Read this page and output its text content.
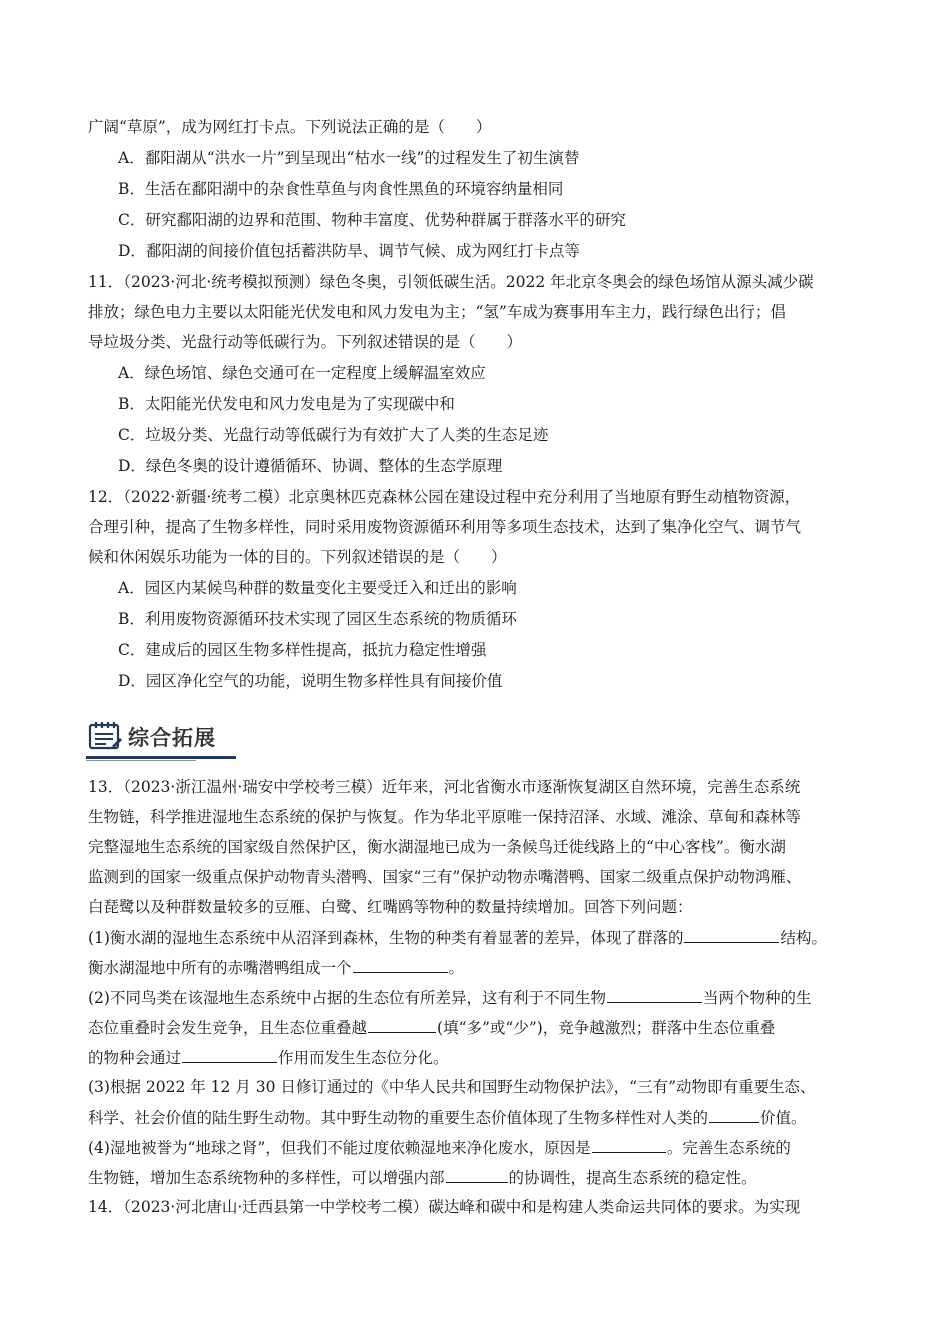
广阔“草原”，成为网红打卡点。下列说法正确的是（　　）
A．鄱阳湖从“洪水一片”到呈现出“枯水一线”的过程发生了初生演替
B．生活在鄱阳湖中的杂食性草鱼与肉食性黑鱼的环境容纳量相同
C．研究鄱阳湖的边界和范围、物种丰富度、优势种群属于群落水平的研究
D．鄱阳湖的间接价值包括蓄洪防旱、调节气候、成为网红打卡点等
11．（2023·河北·统考模拟预测）绿色冬奥，引领低碳生活。2022 年北京冬奥会的绿色场馆从源头减少碳
排放；绿色电力主要以太阳能光伏发电和风力发电为主；“氢”车成为赛事用车主力，践行绿色出行；倡
导垃圾分类、光盘行动等低碳行为。下列叙述错误的是（　　）
A．绿色场馆、绿色交通可在一定程度上缓解温室效应
B．太阳能光伏发电和风力发电是为了实现碳中和
C．垃圾分类、光盘行动等低碳行为有效扩大了人类的生态足迹
D．绿色冬奥的设计遵循循环、协调、整体的生态学原理
12．（2022·新疆·统考二模）北京奥林匹克森林公园在建设过程中充分利用了当地原有野生动植物资源，
合理引种，提高了生物多样性，同时采用废物资源循环利用等多项生态技术，达到了集净化空气、调节气
候和休闲娱乐功能为一体的目的。下列叙述错误的是（　　）
A．园区内某候鸟种群的数量变化主要受迁入和迁出的影响
B．利用废物资源循环技术实现了园区生态系统的物质循环
C．建成后的园区生物多样性提高，抵抗力稳定性增强
D．园区净化空气的功能，说明生物多样性具有间接价值
综合拓展
13．（2023·浙江温州·瑞安中学校考三模）近年来，河北省衡水市逐渐恢复湖区自然环境，完善生态系统
生物链，科学推进湿地生态系统的保护与恢复。作为华北平原唯一保持沼泽、水域、滩涂、草甸和森林等
完整湿地生态系统的国家级自然保护区，衡水湖湿地已成为一条候鸟迁徙线路上的“中心客栈”。衡水湖
监测到的国家一级重点保护动物青头潜鸭、国家“三有”保护动物赤嘴潜鸭、国家二级重点保护动物鸿雁、
白琵鹭以及种群数量较多的豆雁、白鹭、红嘴鸥等物种的数量持续增加。回答下列问题：
(1)衡水湖的湿地生态系统中从沼泽到森林，生物的种类有着显著的差异，体现了群落的	结构。
衡水湖湿地中所有的赤嘴潜鸭组成一个	。
(2)不同鸟类在该湿地生态系统中占据的生态位有所差异，这有利于不同生物	当两个物种的生
态位重叠时会发生竞争，且生态位重叠越	(填“多”或“少”)，竞争越激烈；群落中生态位重叠
的物种会通过	作用而发生生态位分化。
(3)根据 2022 年 12 月 30 日修订通过的《中华人民共和国野生动物保护法》，“三有”动物即有重要生态、
科学、社会价值的陆生野生动物。其中野生动物的重要生态价值体现了生物多样性对人类的	价值。
(4)湿地被誉为“地球之肾”，但我们不能过度依赖湿地来净化废水，原因是	。完善生态系统的
生物链，增加生态系统物种的多样性，可以增强内部	的协调性，提高生态系统的稳定性。
14．（2023·河北唐山·迁西县第一中学校考二模）碳达峰和碳中和是构建人类命运共同体的要求。为实现
